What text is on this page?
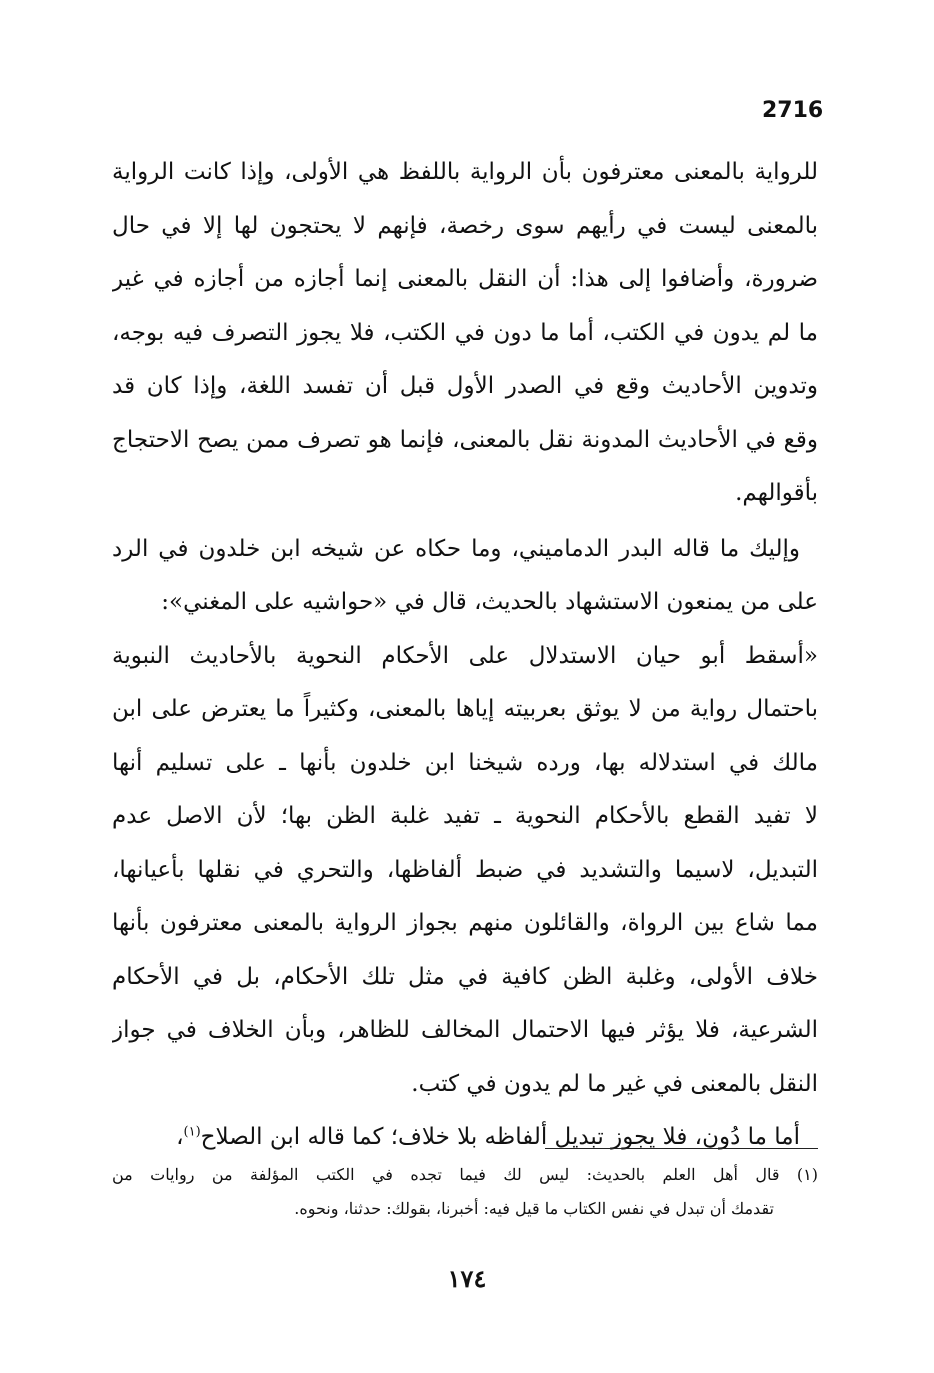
2716
للرواية بالمعنى معترفون بأن الرواية باللفظ هي الأولى، وإذا كانت الرواية
بالمعنى ليست في رأيهم سوى رخصة، فإنهم لا يحتجون لها إلا في حال
ضرورة، وأضافوا إلى هذا: أن النقل بالمعنى إنما أجازه من أجازه في غير
ما لم يدون في الكتب، أما ما دون في الكتب، فلا يجوز التصرف فيه بوجه،
وتدوين الأحاديث وقع في الصدر الأول قبل أن تفسد اللغة، وإذا كان قد
وقع في الأحاديث المدونة نقل بالمعنى، فإنما هو تصرف ممن يصح الاحتجاج
بأقوالهم.
وإليك ما قاله البدر الدماميني، وما حكاه عن شيخه ابن خلدون في الرد
على من يمنعون الاستشهاد بالحديث، قال في «حواشيه على المغني»:
«أسقط أبو حيان الاستدلال على الأحكام النحوية بالأحاديث النبوية
باحتمال رواية من لا يوثق بعربيته إياها بالمعنى، وكثيراً ما يعترض على ابن
مالك في استدلاله بها، ورده شيخنا ابن خلدون بأنها ـ على تسليم أنها
لا تفيد القطع بالأحكام النحوية ـ تفيد غلبة الظن بها؛ لأن الاصل عدم
التبديل، لاسيما والتشديد في ضبط ألفاظها، والتحري في نقلها بأعيانها،
مما شاع بين الرواة، والقائلون منهم بجواز الرواية بالمعنى معترفون بأنها
خلاف الأولى، وغلبة الظن كافية في مثل تلك الأحكام، بل في الأحكام
الشرعية، فلا يؤثر فيها الاحتمال المخالف للظاهر، وبأن الخلاف في جواز
النقل بالمعنى في غير ما لم يدون في كتب.
أما ما دُون، فلا يجوز تبديل ألفاظه بلا خلاف؛ كما قاله ابن الصلاح$^{(١)}$،
(١) قال أهل العلم بالحديث: ليس لك فيما تجده في الكتب المؤلفة من روايات من
تقدمك أن تبدل في نفس الكتاب ما قيل فيه: أخبرنا، بقولك: حدثنا، ونحوه.
١٧٤
